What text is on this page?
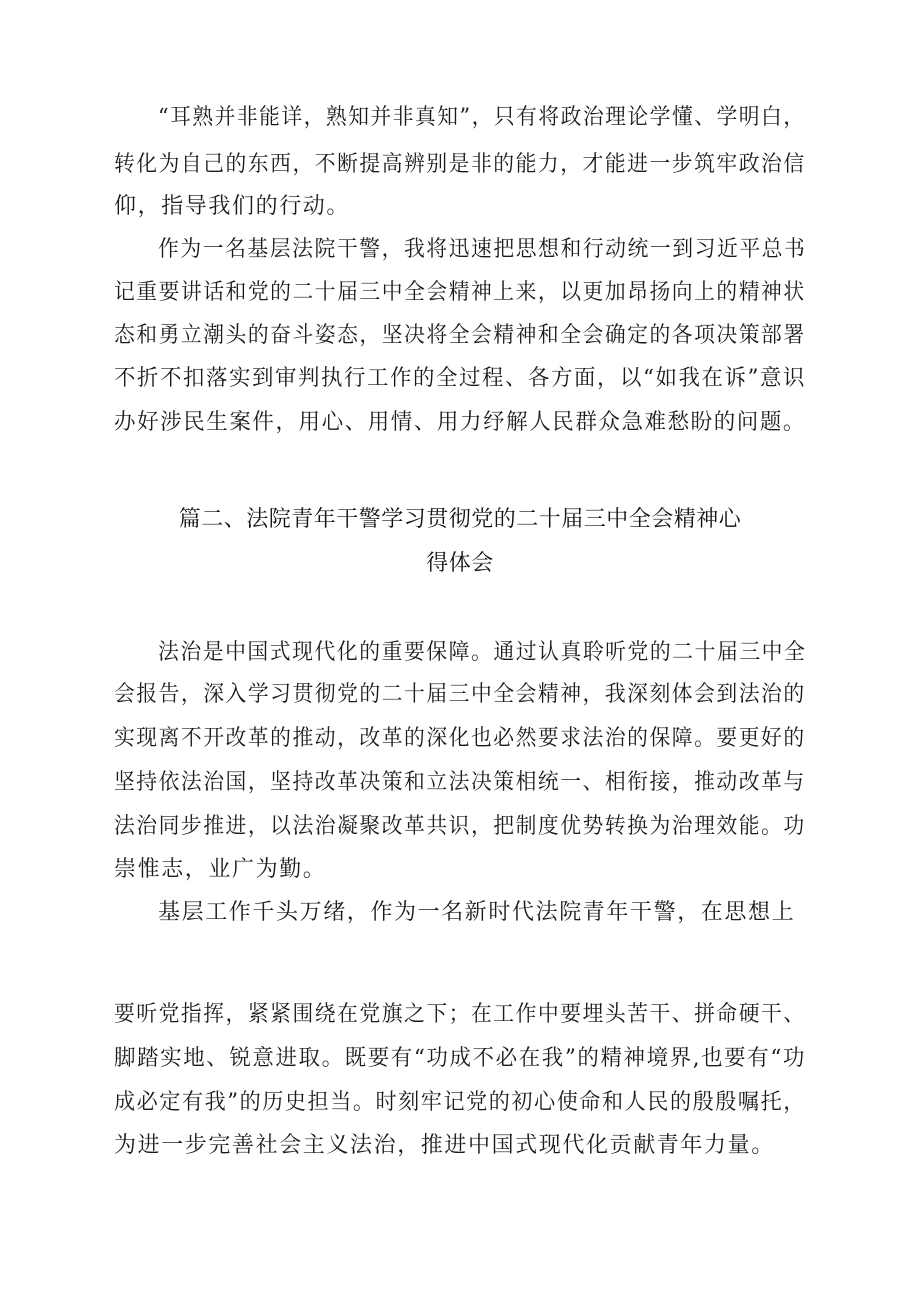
“耳熟并非能详，熟知并非真知”，只有将政治理论学懂、学明白，
转化为自己的东西，不断提高辨别是非的能力，才能进一步筑牢政治信
仰，指导我们的行动。
作为一名基层法院干警，我将迅速把思想和行动统一到习近平总书
记重要讲话和党的二十届三中全会精神上来，以更加昂扬向上的精神状
态和勇立潮头的奋斗姿态，坚决将全会精神和全会确定的各项决策部署
不折不扣落实到审判执行工作的全过程、各方面，以“如我在诉”意识
办好涉民生案件，用心、用情、用力纾解人民群众急难愁盼的问题。
篇二、法院青年干警学习贯彻党的二十届三中全会精神心
得体会
法治是中国式现代化的重要保障。通过认真聆听党的二十届三中全
会报告，深入学习贯彻党的二十届三中全会精神，我深刻体会到法治的
实现离不开改革的推动，改革的深化也必然要求法治的保障。要更好的
坚持依法治国，坚持改革决策和立法决策相统一、相衔接，推动改革与
法治同步推进，以法治凝聚改革共识，把制度优势转换为治理效能。功
崇惟志，业广为勤。
基层工作千头万绪，作为一名新时代法院青年干警，在思想上
要听党指挥，紧紧围绕在党旗之下；在工作中要埋头苦干、拼命硬干、
脚踏实地、锐意进取。既要有“功成不必在我”的精神境界,也要有“功
成必定有我”的历史担当。时刻牢记党的初心使命和人民的殷殷嘱托，
为进一步完善社会主义法治，推进中国式现代化贡献青年力量。
